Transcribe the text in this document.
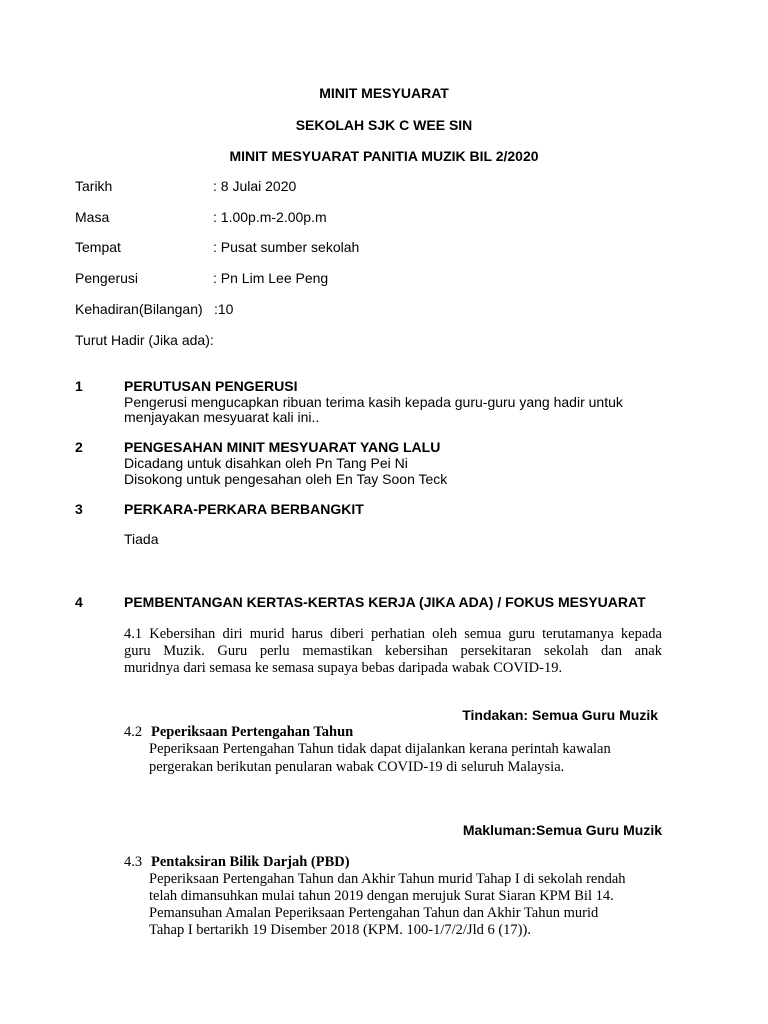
MINIT MESYUARAT
SEKOLAH SJK C WEE SIN
MINIT MESYUARAT PANITIA MUZIK BIL 2/2020
Tarikh	: 8 Julai 2020
Masa	: 1.00p.m-2.00p.m
Tempat	: Pusat sumber sekolah
Pengerusi	: Pn Lim Lee Peng
Kehadiran(Bilangan) :10
Turut Hadir (Jika ada):
1	PERUTUSAN PENGERUSI
Pengerusi mengucapkan ribuan terima kasih kepada guru-guru yang hadir untuk
menjayakan mesyuarat kali ini..
2	PENGESAHAN MINIT MESYUARAT YANG LALU
Dicadang untuk disahkan oleh Pn Tang Pei Ni
Disokong untuk pengesahan oleh En Tay Soon Teck
3	PERKARA-PERKARA BERBANGKIT
Tiada
4	PEMBENTANGAN KERTAS-KERTAS KERJA (JIKA ADA) / FOKUS MESYUARAT
4.1 Kebersihan diri murid harus diberi perhatian oleh semua guru terutamanya kepada
guru Muzik. Guru perlu memastikan kebersihan persekitaran sekolah dan anak
muridnya dari semasa ke semasa supaya bebas daripada wabak COVID-19.
Tindakan: Semua Guru Muzik
4.2 Peperiksaan Pertengahan Tahun
Peperiksaan Pertengahan Tahun tidak dapat dijalankan kerana perintah kawalan
pergerakan berikutan penularan wabak COVID-19 di seluruh Malaysia.
Makluman:Semua Guru Muzik
4.3 Pentaksiran Bilik Darjah (PBD)
Peperiksaan Pertengahan Tahun dan Akhir Tahun murid Tahap I di sekolah rendah
telah dimansuhkan mulai tahun 2019 dengan merujuk Surat Siaran KPM Bil 14.
Pemansuhan Amalan Peperiksaan Pertengahan Tahun dan Akhir Tahun murid
Tahap I bertarikh 19 Disember 2018 (KPM. 100-1/7/2/Jld 6 (17)).
